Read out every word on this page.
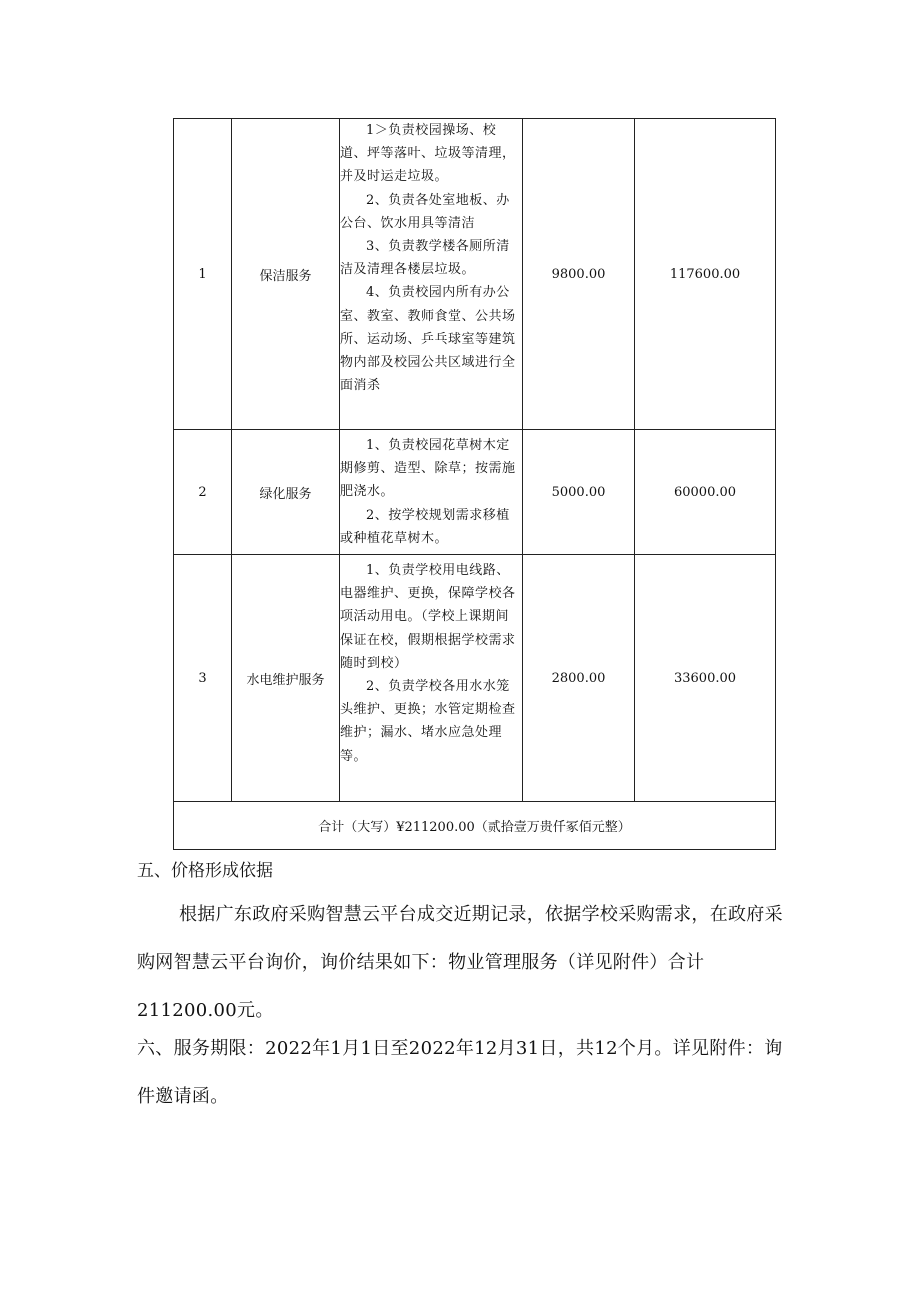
1	保洁服务	1＞负责校园操场、校道、坪等落叶、垃圾等清理，并及时运走垃圾。

2、负责各处室地板、办公台、饮水用具等清洁

3、负责教学楼各厕所清洁及清理各楼层垃圾。

4、负责校园内所有办公室、教室、教师食堂、公共场所、运动场、乒乓球室等建筑物内部及校园公共区域进行全面消杀	9800.00	117600.00
2	绿化服务	1、负责校园花草树木定期修剪、造型、除草；按需施肥浇水。

2、按学校规划需求移植或种植花草树木。	5000.00	60000.00
3	水电维护服务	1、负责学校用电线路、电器维护、更换，保障学校各项活动用电。（学校上课期间保证在校，假期根据学校需求随时到校）

2、负责学校各用水水笼头维护、更换；水管定期检查维护；漏水、堵水应急处理等。	2800.00	33600.00
合计（大写）¥211200.00（贰拾壹万贵仟冢佰元整）				

五、价格形成依据

根据广东政府采购智慧云平台成交近期记录，依据学校采购需求，在政府采购网智慧云平台询价，询价结果如下：物业管理服务（详见附件）合计211200.00元。

六、服务期限：2022年1月1日至2022年12月31日，共12个月。详见附件：询件邀请函。
